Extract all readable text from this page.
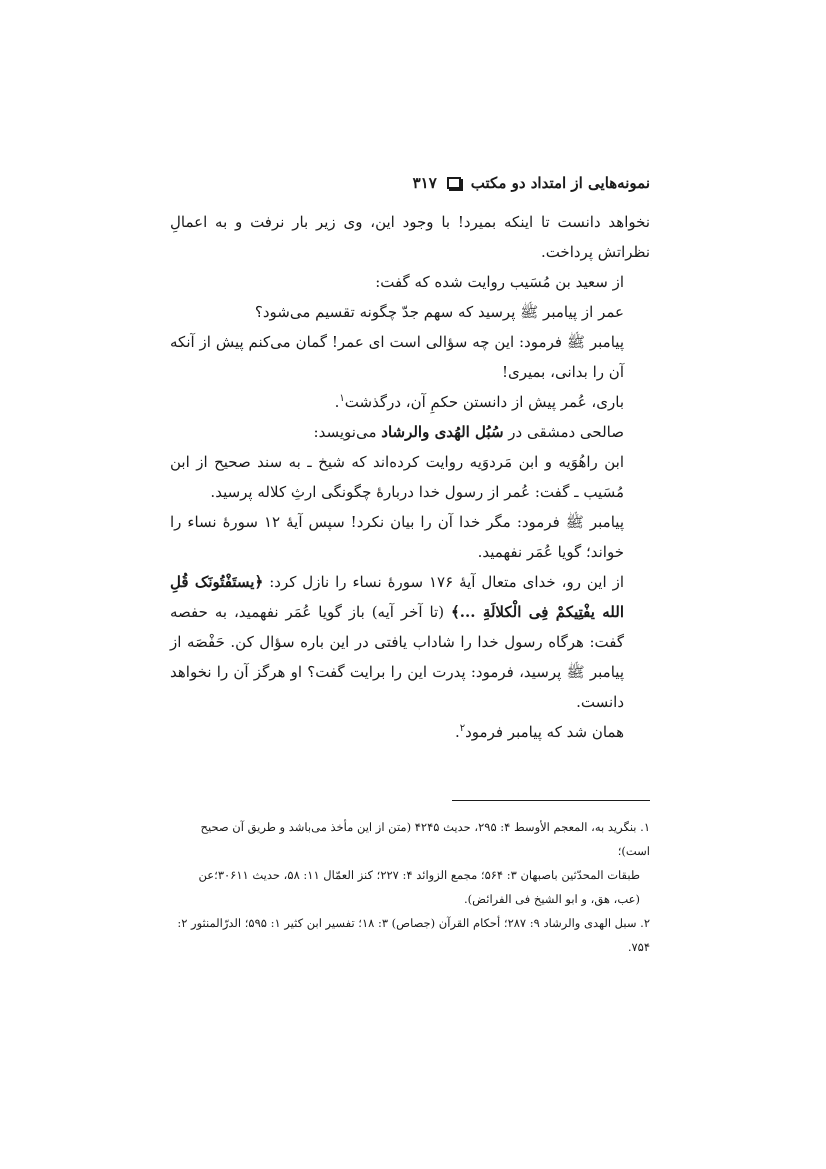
نمونه‌هایی از امتداد دو مکتب
۳۱۷

نخواهد دانست تا اینکه بمیرد! با وجود این، وی زیر بار نرفت و به اعمالِ نظراتش پرداخت.

از سعید بن مُسَیب روایت شده که گفت:

عمر از پیامبر ﷺ پرسید که سهم جدّ چگونه تقسیم می‌شود؟

پیامبر ﷺ فرمود: این چه سؤالی است ای عمر! گمان می‌کنم پیش از آنکه آن را بدانی، بمیری!

باری، عُمر پیش از دانستن حکمِ آن، درگذشت$^۱$.

صالحی دمشقی در سُبُل الهُدی والرشاد می‌نویسد:

ابن راهُوَیه و ابن مَردوَیه روایت کرده‌اند که شیخ ـ به سند صحیح از ابن مُسَیب ـ گفت: عُمر از رسول خدا دربارهٔ چگونگی ارثِ کلاله پرسید.

پیامبر ﷺ فرمود: مگر خدا آن را بیان نکرد! سپس آیهٔ ۱۲ سورهٔ نساء را خواند؛ گویا عُمَر نفهمید.

از این رو، خدای متعال آیهٔ ۱۷۶ سورهٔ نساء را نازل کرد: ﴿یستَفْتُونَک قُلِ الله یفْتِیکمْ فِی الْکلالَةِ ...﴾ (تا آخر آیه) باز گویا عُمَر نفهمید، به حفصه گفت: هرگاه رسول خدا را شاداب یافتی در این باره سؤال کن. حَفْصَه از پیامبر ﷺ پرسید، فرمود: پدرت این را برایت گفت؟ او هرگز آن را نخواهد دانست.

همان شد که پیامبر فرمود$^۲$.

۱. بنگرید به، المعجم الأوسط ۴: ۲۹۵، حدیث ۴۲۴۵ (متن از این مأخذ می‌باشد و طریق آن صحیح است)؛

طبقات المحدّثین باصبهان ۳: ۵۶۴؛ مجمع الزوائد ۴: ۲۲۷؛ کنز العمّال ۱۱: ۵۸، حدیث ۳۰۶۱۱؛عن

(عب، هق، و ابو الشیخ فی الفرائض).

۲. سبل الهدی والرشاد ۹: ۲۸۷؛ أحکام القرآن (جصاص) ۳: ۱۸؛ تفسیر ابن کثیر ۱: ۵۹۵؛ الدرّالمنثور ۲: ۷۵۴.
